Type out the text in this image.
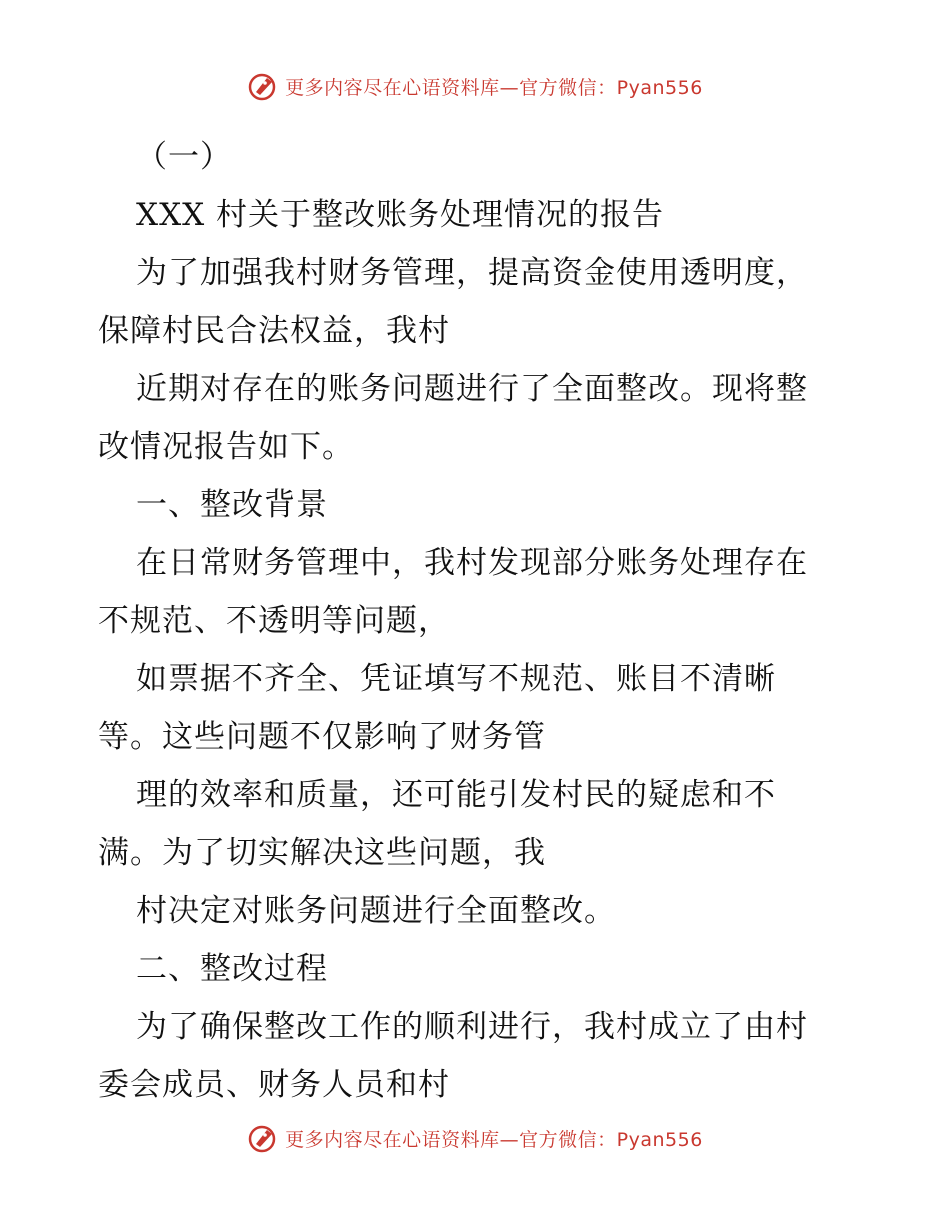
更多内容尽在心语资料库—官方微信：Pyan556
（一）
XXX 村关于整改账务处理情况的报告
为了加强我村财务管理，提高资金使用透明度，
保障村民合法权益，我村
近期对存在的账务问题进行了全面整改。现将整
改情况报告如下。
一、整改背景
在日常财务管理中，我村发现部分账务处理存在
不规范、不透明等问题，
如票据不齐全、凭证填写不规范、账目不清晰
等。这些问题不仅影响了财务管
理的效率和质量，还可能引发村民的疑虑和不
满。为了切实解决这些问题，我
村决定对账务问题进行全面整改。
二、整改过程
为了确保整改工作的顺利进行，我村成立了由村
委会成员、财务人员和村
更多内容尽在心语资料库—官方微信：Pyan556
